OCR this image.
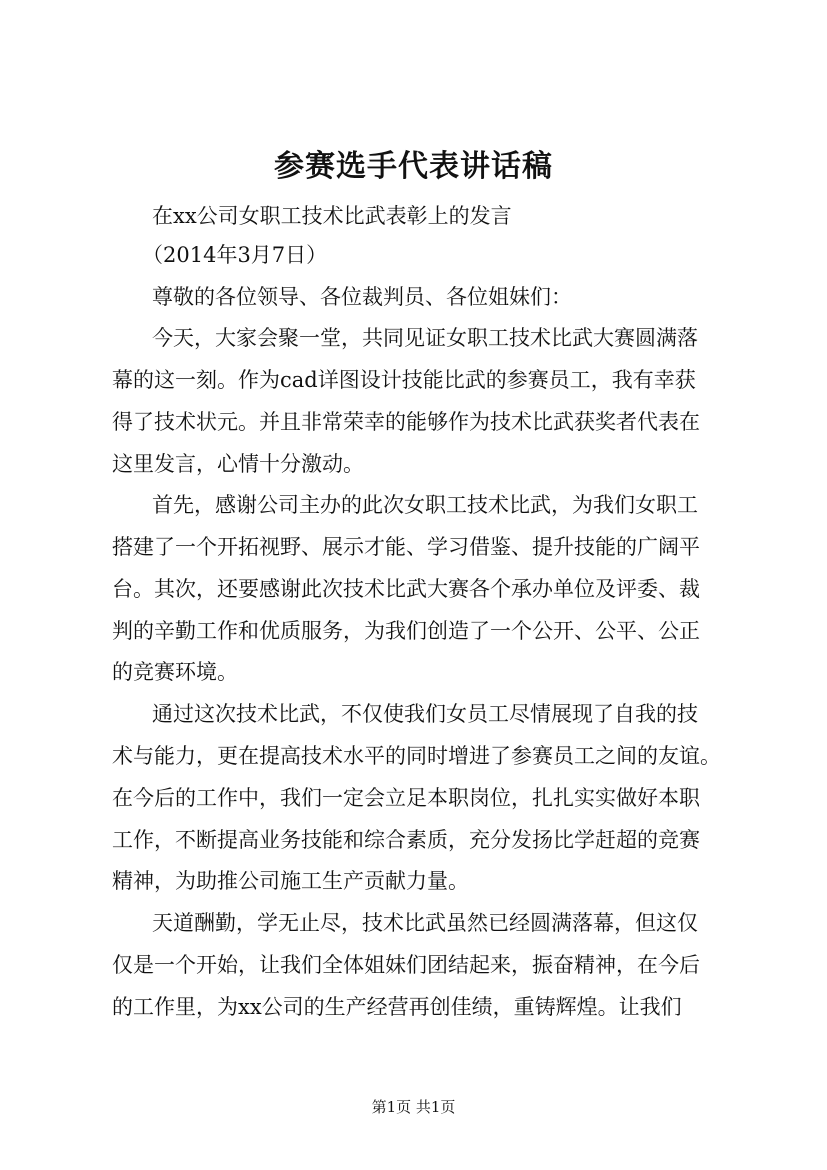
参赛选手代表讲话稿
在xx公司女职工技术比武表彰上的发言
（2014年3月7日）
尊敬的各位领导、各位裁判员、各位姐妹们：
今天，大家会聚一堂，共同见证女职工技术比武大赛圆满落
幕的这一刻。作为cad详图设计技能比武的参赛员工，我有幸获
得了技术状元。并且非常荣幸的能够作为技术比武获奖者代表在
这里发言，心情十分激动。
首先，感谢公司主办的此次女职工技术比武，为我们女职工
搭建了一个开拓视野、展示才能、学习借鉴、提升技能的广阔平
台。其次，还要感谢此次技术比武大赛各个承办单位及评委、裁
判的辛勤工作和优质服务，为我们创造了一个公开、公平、公正
的竞赛环境。
通过这次技术比武，不仅使我们女员工尽情展现了自我的技
术与能力，更在提高技术水平的同时增进了参赛员工之间的友谊。
在今后的工作中，我们一定会立足本职岗位，扎扎实实做好本职
工作，不断提高业务技能和综合素质，充分发扬比学赶超的竞赛
精神，为助推公司施工生产贡献力量。
天道酬勤，学无止尽，技术比武虽然已经圆满落幕，但这仅
仅是一个开始，让我们全体姐妹们团结起来，振奋精神，在今后
的工作里，为xx公司的生产经营再创佳绩，重铸辉煌。让我们
第1页 共1页
